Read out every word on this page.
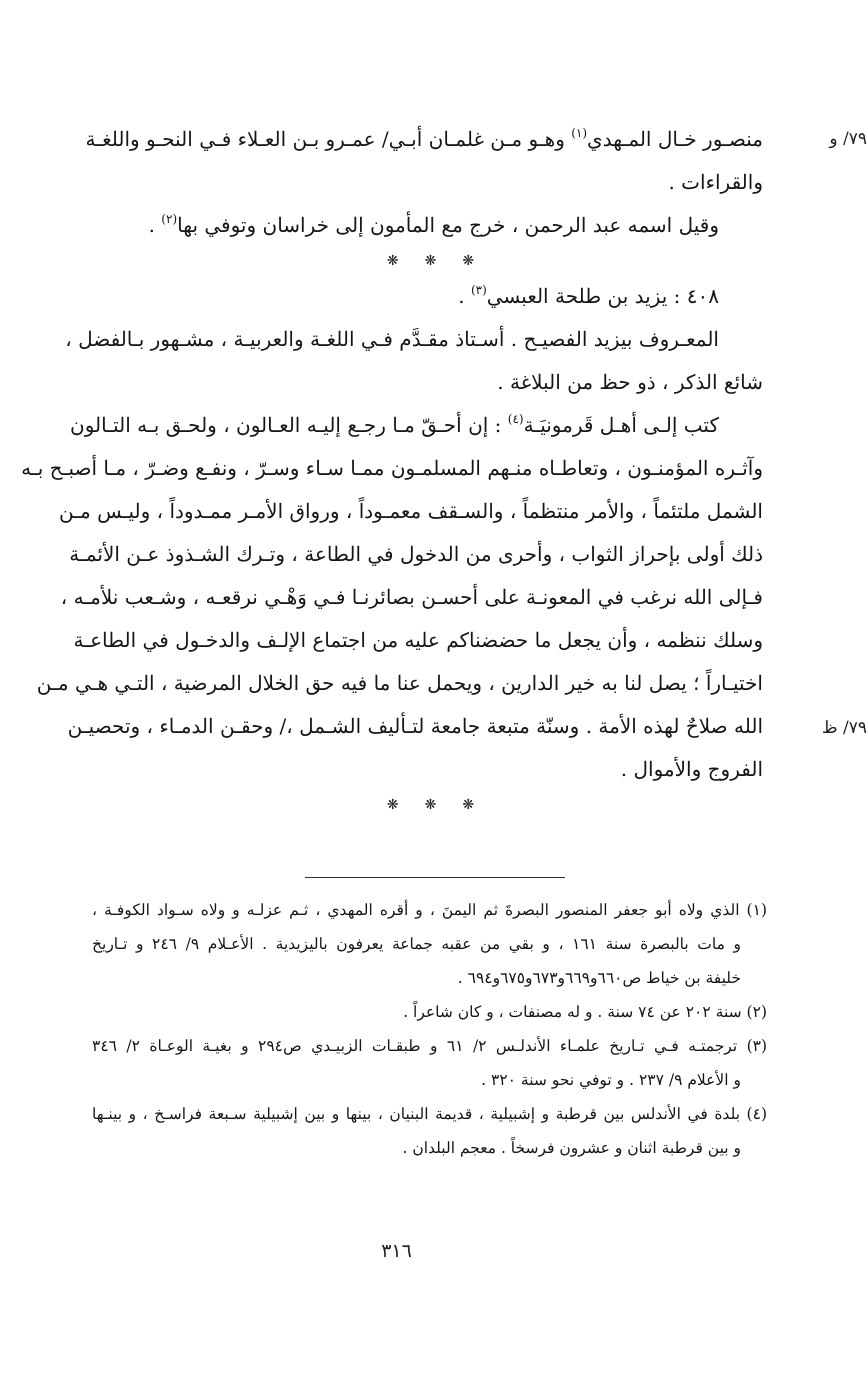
٧٩/ و
٧٩/ ظ
منصـور خـال المـهدي$^{(١)}$ وهـو مـن غلمـان أبـي/ عمـرو بـن العـلاء فـي النحـو واللغـة
والقراءات .
وقيل اسمه عبد الرحمن ، خرج مع المأمون إلى خراسان وتوفي بها$^{(٢)}$ .
❋❋❋
٤٠٨ : يزيد بن طلحة العبسي$^{(٣)}$ .
المعـروف بيزيد الفصيـح . أسـتاذ مقـدَّم فـي اللغـة والعربيـة ، مشـهور بـالفضل ،
شائع الذكر ، ذو حظ من البلاغة .
كتب إلـى أهـل قَرمونيَـة$^{(٤)}$ : إن أحـقّ مـا رجـع إليـه العـالون ، ولحـق بـه التـالون
وآثـره المؤمنـون ، وتعاطـاه منـهم المسلمـون ممـا سـاء وسـرّ ، ونفـع وضـرّ ، مـا أصبـح بـه
الشمل ملتئماً ، والأمر منتظماً ، والسـقف معمـوداً ، ورواق الأمـر ممـدوداً ، وليـس مـن
ذلك أولى بإحراز الثواب ، وأحرى من الدخول في الطاعة ، وتـرك الشـذوذ عـن الأئمـة
فـإلى الله نرغب في المعونـة على أحسـن بصائرنـا فـي وَهْـي نرقعـه ، وشـعب نلأمـه ،
وسلك ننظمه ، وأن يجعل ما حضضناكم عليه من اجتماع الإلـف والدخـول في الطاعـة
اختيـاراً ؛ يصل لنا به خير الدارين ، ويحمل عنا ما فيه حق الخلال المرضية ، التـي هـي مـن
الله صلاحٌ لهذه الأمة . وسنّة متبعة جامعة لتـأليف الشـمل ،/ وحقـن الدمـاء ، وتحصيـن
الفروج والأموال .
❋❋❋
(١) الذي ولاه أبو جعفر المنصور البصرةَ ثم اليمنَ ، و أقره المهدي ، ثـم عزلـه و ولاه سـواد الكوفـة ،
و مات بالبصرة سنة ١٦١ ، و بقي من عقبه جماعة يعرفون باليزيدية . الأعـلام ٩/ ٢٤٦ و تـاريخ
خليفة بن خياط ص٦٦٠و٦٦٩و٦٧٣و٦٧٥و٦٩٤ .
(٢) سنة ٢٠٢ عن ٧٤ سنة . و له مصنفات ، و كان شاعراً .
(٣) ترجمتـه فـي تـاريخ علمـاء الأندلـس ٢/ ٦١ و طبقـات الزبيـدي ص٢٩٤ و بغيـة الوعـاة ٢/ ٣٤٦
و الأعلام ٩/ ٢٣٧ . و توفي نحو سنة ٣٢٠ .
(٤) بلدة في الأندلس بين قرطبة و إشبيلية ، قديمة البنيان ، بينها و بين إشبيلية سـبعة فراسـخ ، و بينـها
و بين قرطبة اثنان و عشرون فرسخاً . معجم البلدان .
٣١٦
